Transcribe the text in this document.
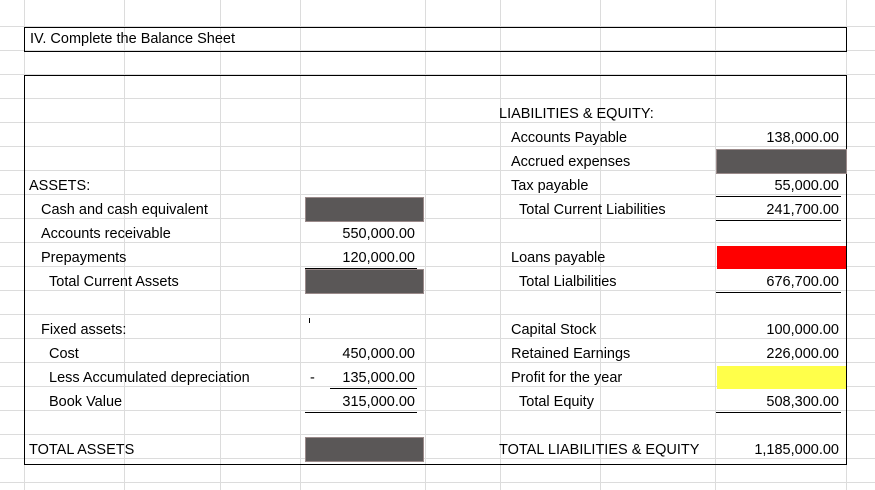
IV. Complete the Balance Sheet
ASSETS:
Cash and cash equivalent
Accounts receivable	550,000.00
Prepayments	120,000.00
Total Current Assets
Fixed assets:
Cost	450,000.00
Less Accumulated depreciation	-	135,000.00
Book Value	315,000.00
TOTAL ASSETS
LIABILITIES & EQUITY:
Accounts Payable	138,000.00
Accrued expenses
Tax payable	55,000.00
Total Current Liabilities	241,700.00
Loans payable
Total Lialbilities	676,700.00
Capital Stock	100,000.00
Retained Earnings	226,000.00
Profit for the year
Total Equity	508,300.00
TOTAL LIABILITIES & EQUITY	1,185,000.00
